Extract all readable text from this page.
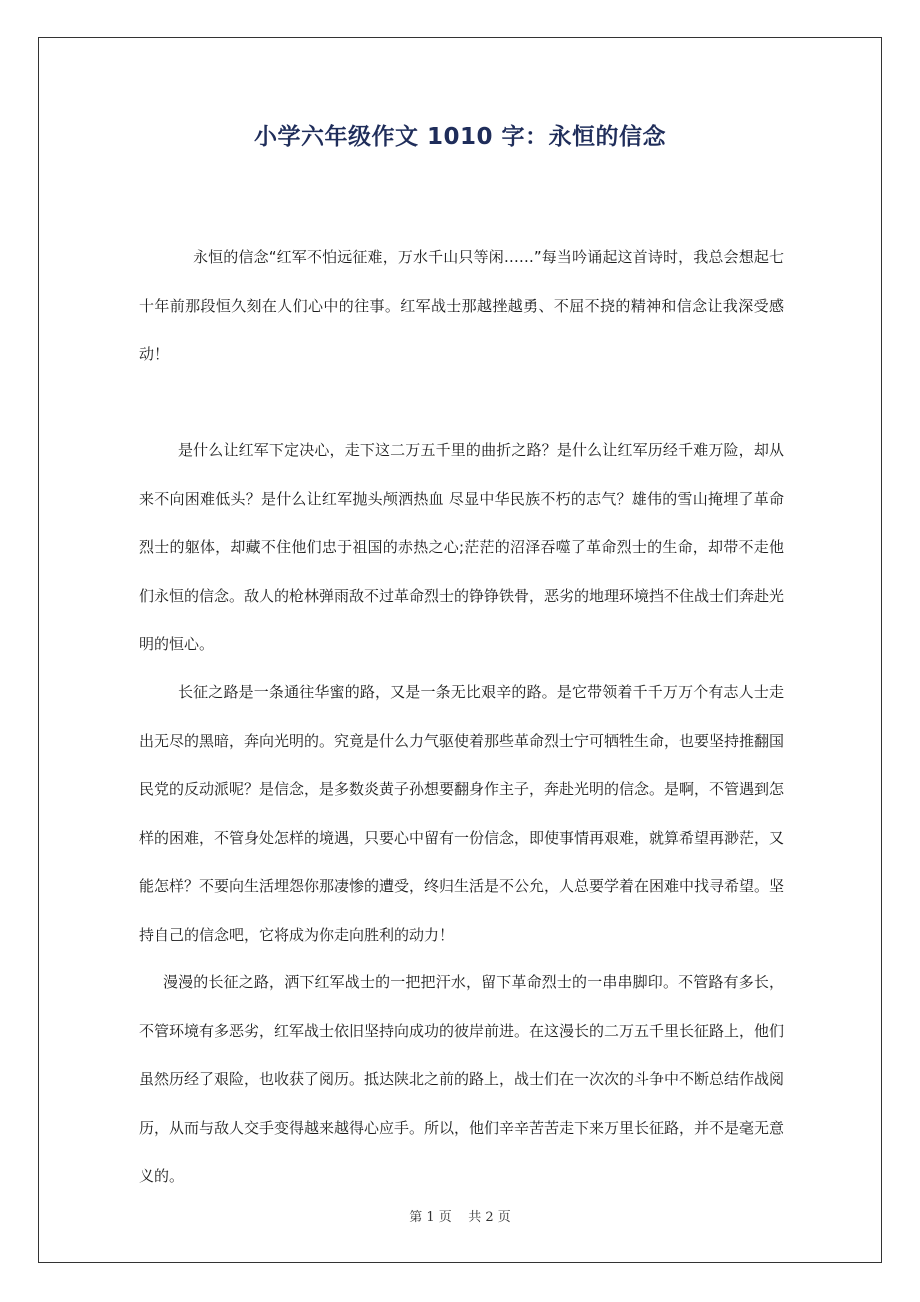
小学六年级作文 1010 字：永恒的信念

永恒的信念“红军不怕远征难，万水千山只等闲……”每当吟诵起这首诗时，我总会想起七十年前那段恒久刻在人们心中的往事。红军战士那越挫越勇、不屈不挠的精神和信念让我深受感动！

是什么让红军下定决心，走下这二万五千里的曲折之路？是什么让红军历经千难万险，却从来不向困难低头？是什么让红军抛头颅洒热血 尽显中华民族不朽的志气？雄伟的雪山掩埋了革命烈士的躯体，却藏不住他们忠于祖国的赤热之心;茫茫的沼泽吞噬了革命烈士的生命，却带不走他们永恒的信念。敌人的枪林弹雨敌不过革命烈士的铮铮铁骨，恶劣的地理环境挡不住战士们奔赴光明的恒心。

长征之路是一条通往华蜜的路，又是一条无比艰辛的路。是它带领着千千万万个有志人士走出无尽的黑暗，奔向光明的。究竟是什么力气驱使着那些革命烈士宁可牺牲生命，也要坚持推翻国民党的反动派呢？是信念，是多数炎黄子孙想要翻身作主子，奔赴光明的信念。是啊，不管遇到怎样的困难，不管身处怎样的境遇，只要心中留有一份信念，即使事情再艰难，就算希望再渺茫，又能怎样？不要向生活埋怨你那凄惨的遭受，终归生活是不公允，人总要学着在困难中找寻希望。坚持自己的信念吧，它将成为你走向胜利的动力！

漫漫的长征之路，洒下红军战士的一把把汗水，留下革命烈士的一串串脚印。不管路有多长，不管环境有多恶劣，红军战士依旧坚持向成功的彼岸前进。在这漫长的二万五千里长征路上，他们虽然历经了艰险，也收获了阅历。抵达陕北之前的路上，战士们在一次次的斗争中不断总结作战阅历，从而与敌人交手变得越来越得心应手。所以，他们辛辛苦苦走下来万里长征路，并不是毫无意义的。

第 1 页 共 2 页
